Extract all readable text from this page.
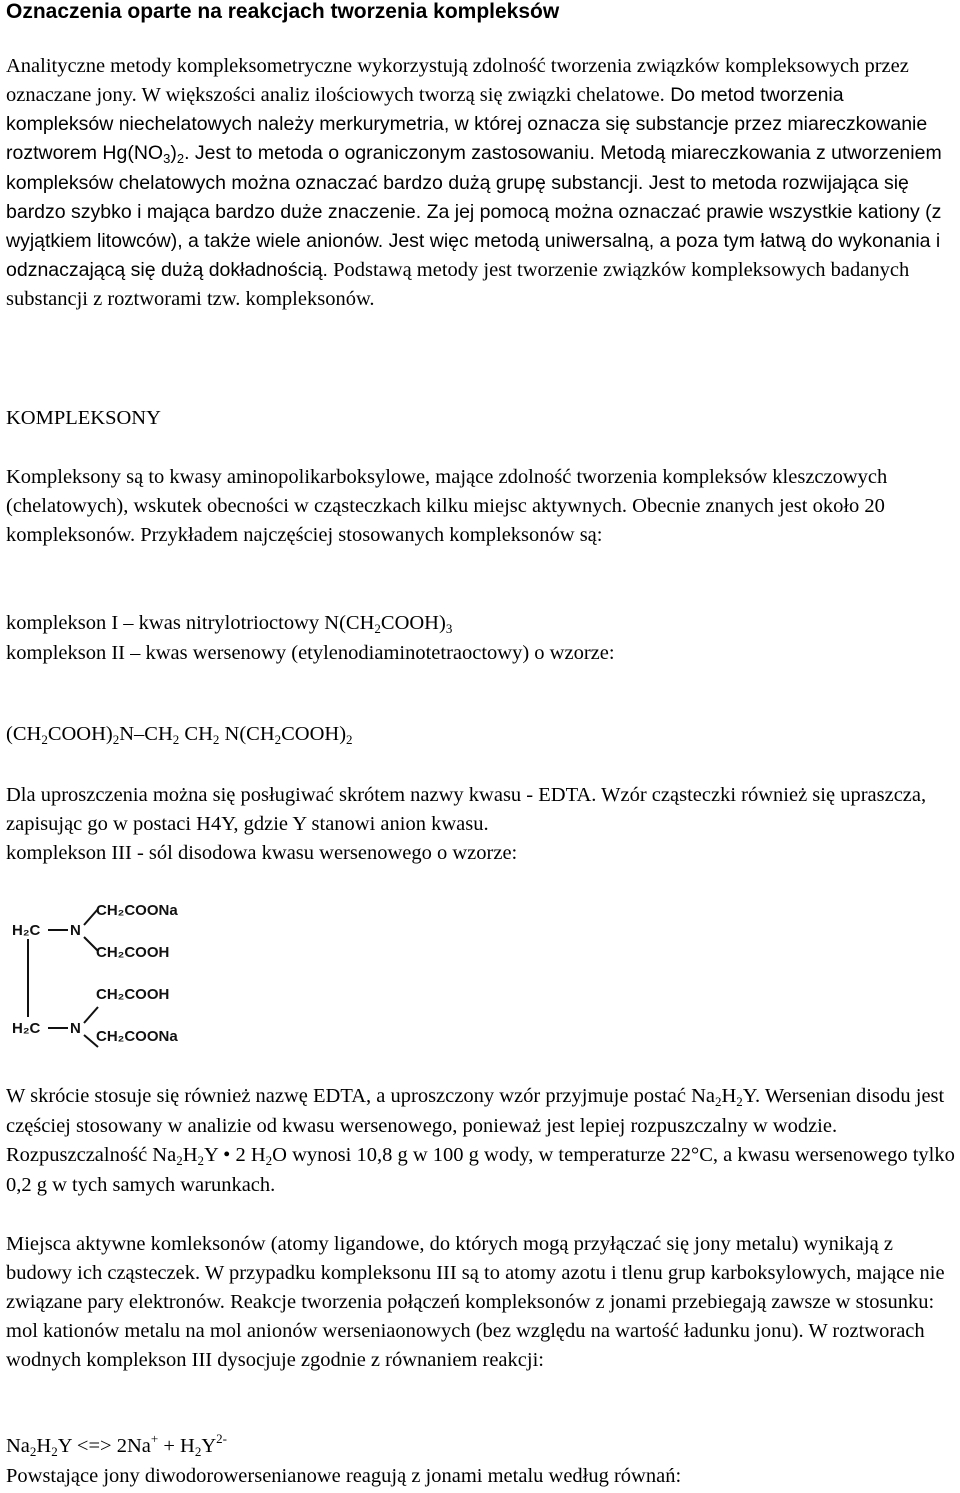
Oznaczenia oparte na reakcjach tworzenia kompleksów

Analityczne metody kompleksometryczne wykorzystują zdolność tworzenia związków kompleksowych przez oznaczane jony. W większości analiz ilościowych tworzą się związki chelatowe. Do metod tworzenia kompleksów niechelatowych należy merkurymetria, w której oznacza się substancje przez miareczkowanie roztworem $Hg(NO_3)_2$. Jest to metoda o ograniczonym zastosowaniu. Metodą miareczkowania z utworzeniem kompleksów chelatowych można oznaczać bardzo dużą grupę substancji. Jest to metoda rozwijająca się bardzo szybko i mająca bardzo duże znaczenie. Za jej pomocą można oznaczać prawie wszystkie kationy (z wyjątkiem litowców), a także wiele anionów. Jest więc metodą uniwersalną, a poza tym łatwą do wykonania i odznaczającą się dużą dokładnością. Podstawą metody jest tworzenie związków kompleksowych badanych substancji z roztworami tzw. kompleksonów.

KOMPLEKSONY

Kompleksony są to kwasy aminopolikarboksylowe, mające zdolność tworzenia kompleksów kleszczowych (chelatowych), wskutek obecności w cząsteczkach kilku miejsc aktywnych. Obecnie znanych jest około 20 kompleksonów. Przykładem najczęściej stosowanych kompleksonów są:

komplekson I – kwas nitrylotrioctowy $N(CH_2COOH)_3$
komplekson II – kwas wersenowy (etylenodiaminotetraoctowy) o wzorze:

$(CH_2COOH)_2N-CH_2$ $CH_2$ $N(CH_2COOH)_2$

Dla uproszczenia można się posługiwać skrótem nazwy kwasu - EDTA. Wzór cząsteczki również się upraszcza, zapisując go w postaci H4Y, gdzie Y stanowi anion kwasu.
komplekson III - sól disodowa kwasu wersenowego o wzorze:

H₂C N
CH₂COONa
CH₂COOH
H₂C N
CH₂COOH
CH₂COONa

W skrócie stosuje się również nazwę EDTA, a uproszczony wzór przyjmuje postać $Na_2H_2Y$. Wersenian disodu jest częściej stosowany w analizie od kwasu wersenowego, ponieważ jest lepiej rozpuszczalny w wodzie. Rozpuszczalność $Na_2H_2Y$ • 2 $H_2O$ wynosi 10,8 g w 100 g wody, w temperaturze 22°C, a kwasu wersenowego tylko 0,2 g w tych samych warunkach.

Miejsca aktywne komleksonów (atomy ligandowe, do których mogą przyłączać się jony metalu) wynikają z budowy ich cząsteczek. W przypadku kompleksonu III są to atomy azotu i tlenu grup karboksylowych, mające nie związane pary elektronów. Reakcje tworzenia połączeń kompleksonów z jonami przebiegają zawsze w stosunku: mol kationów metalu na mol anionów werseniaonowych (bez względu na wartość ładunku jonu). W roztworach wodnych komplekson III dysocjuje zgodnie z równaniem reakcji:

$Na_2H_2Y$ <=> $2Na^+ + H_2Y^{2-}$
Powstające jony diwodorowersenianowe reagują z jonami metalu według równań:
